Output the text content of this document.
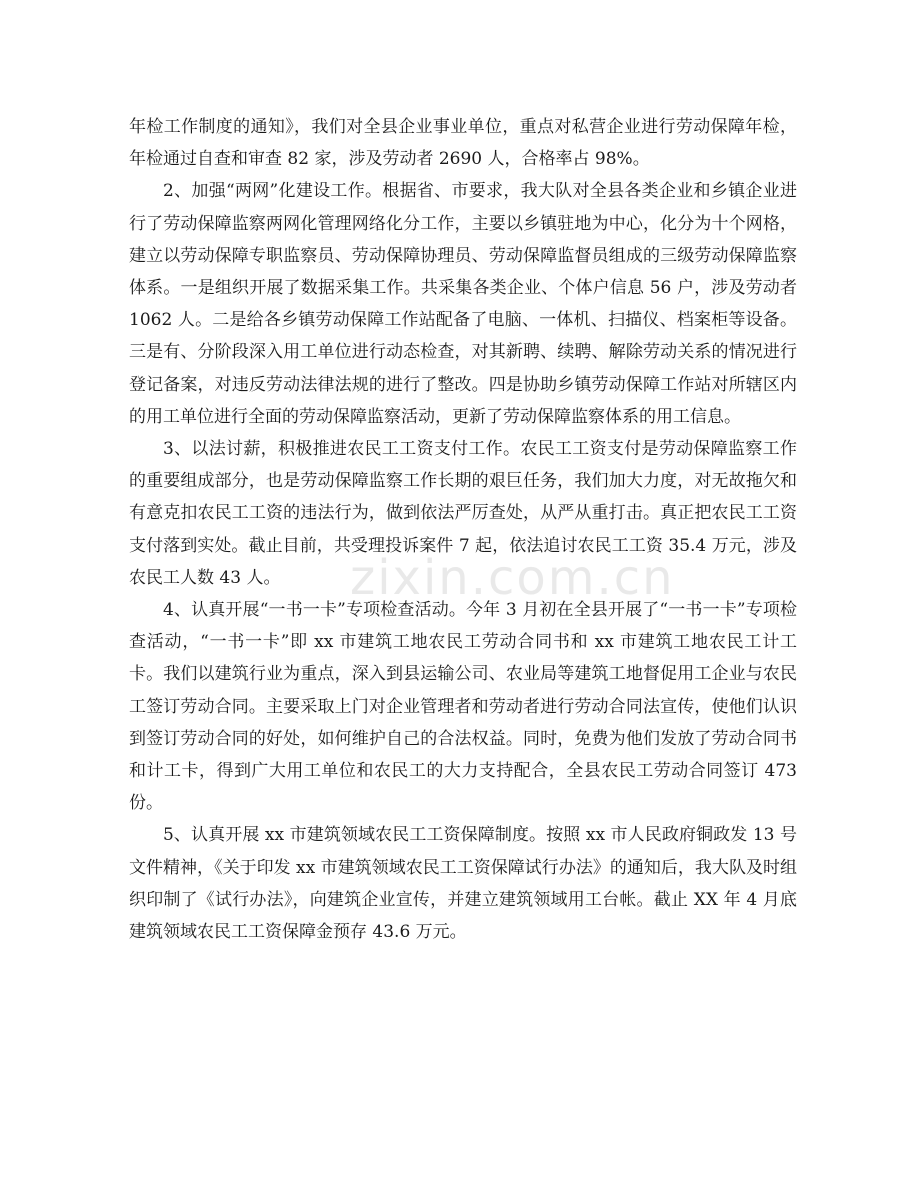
年检工作制度的通知》，我们对全县企业事业单位，重点对私营企业进行劳动保障年检，年检通过自查和审查 82 家，涉及劳动者 2690 人，合格率占 98%。

2、加强“两网”化建设工作。根据省、市要求，我大队对全县各类企业和乡镇企业进行了劳动保障监察两网化管理网络化分工作，主要以乡镇驻地为中心，化分为十个网格，建立以劳动保障专职监察员、劳动保障协理员、劳动保障监督员组成的三级劳动保障监察体系。一是组织开展了数据采集工作。共采集各类企业、个体户信息 56 户，涉及劳动者 1062 人。二是给各乡镇劳动保障工作站配备了电脑、一体机、扫描仪、档案柜等设备。三是有、分阶段深入用工单位进行动态检查，对其新聘、续聘、解除劳动关系的情况进行登记备案，对违反劳动法律法规的进行了整改。四是协助乡镇劳动保障工作站对所辖区内的用工单位进行全面的劳动保障监察活动，更新了劳动保障监察体系的用工信息。

3、以法讨薪，积极推进农民工工资支付工作。农民工工资支付是劳动保障监察工作的重要组成部分，也是劳动保障监察工作长期的艰巨任务，我们加大力度，对无故拖欠和有意克扣农民工工资的违法行为，做到依法严厉查处，从严从重打击。真正把农民工工资支付落到实处。截止目前，共受理投诉案件 7 起，依法追讨农民工工资 35.4 万元，涉及农民工人数 43 人。

4、认真开展“一书一卡”专项检查活动。今年 3 月初在全县开展了“一书一卡”专项检查活动，“一书一卡”即 xx 市建筑工地农民工劳动合同书和 xx 市建筑工地农民工计工卡。我们以建筑行业为重点，深入到县运输公司、农业局等建筑工地督促用工企业与农民工签订劳动合同。主要采取上门对企业管理者和劳动者进行劳动合同法宣传，使他们认识到签订劳动合同的好处，如何维护自己的合法权益。同时，免费为他们发放了劳动合同书和计工卡，得到广大用工单位和农民工的大力支持配合，全县农民工劳动合同签订 473 份。

5、认真开展 xx 市建筑领域农民工工资保障制度。按照 xx 市人民政府铜政发 13 号文件精神，《关于印发 xx 市建筑领域农民工工资保障试行办法》的通知后，我大队及时组织印制了《试行办法》，向建筑企业宣传，并建立建筑领域用工台帐。截止 XX 年 4 月底建筑领域农民工工资保障金预存 43.6 万元。

zixin.com.cn
